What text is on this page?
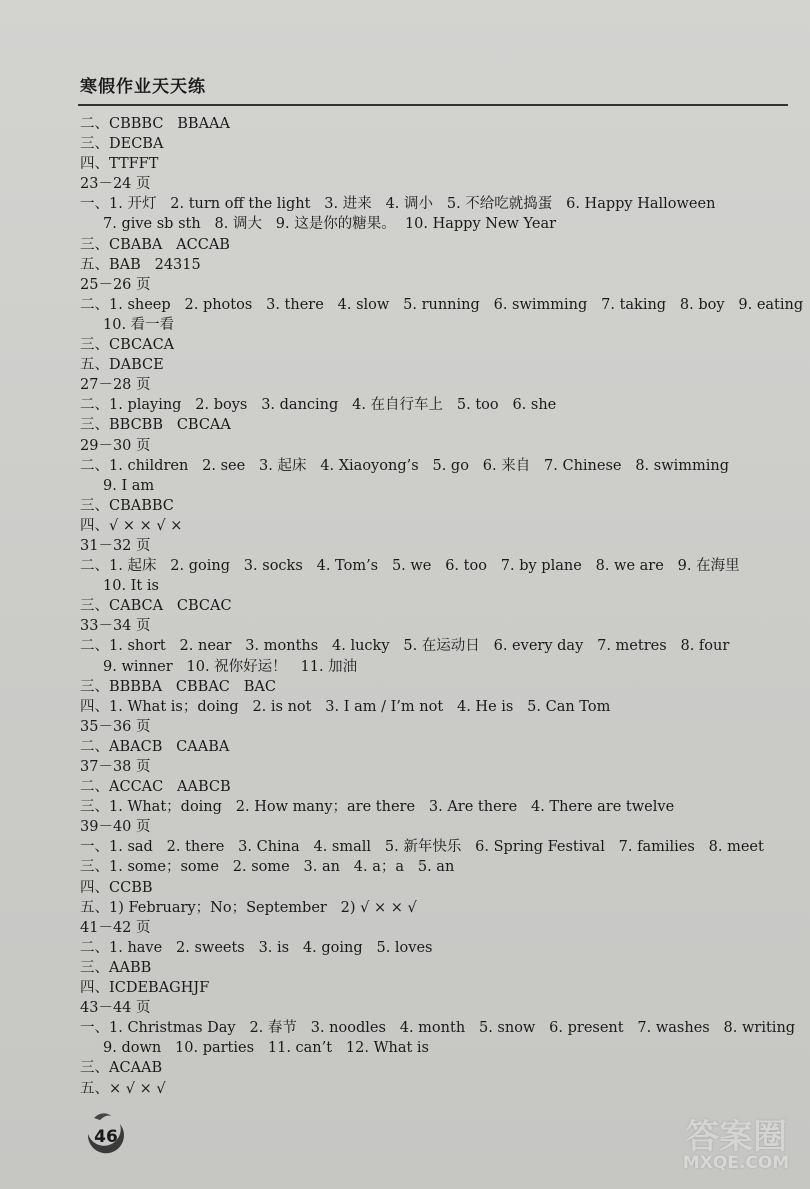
寒假作业天天练
二、CBBBC   BBAAA
三、DECBA
四、TTFFT
23－24 页
一、1. 开灯   2. turn off the light   3. 进来   4. 调小   5. 不给吃就捣蛋   6. Happy Halloween
7. give sb sth   8. 调大   9. 这是你的糖果。  10. Happy New Year
三、CBABA   ACCAB
五、BAB   24315
25－26 页
二、1. sheep   2. photos   3. there   4. slow   5. running   6. swimming   7. taking   8. boy   9. eating
10. 看一看
三、CBCACA
五、DABCE
27－28 页
二、1. playing   2. boys   3. dancing   4. 在自行车上   5. too   6. she
三、BBCBB   CBCAA
29－30 页
二、1. children   2. see   3. 起床   4. Xiaoyong’s   5. go   6. 来自   7. Chinese   8. swimming
9. I am
三、CBABBC
四、√ × × √ ×
31－32 页
二、1. 起床   2. going   3. socks   4. Tom’s   5. we   6. too   7. by plane   8. we are   9. 在海里
10. It is
三、CABCA   CBCAC
33－34 页
二、1. short   2. near   3. months   4. lucky   5. 在运动日   6. every day   7. metres   8. four
9. winner   10. 祝你好运！   11. 加油
三、BBBBA   CBBAC   BAC
四、1. What is；doing   2. is not   3. I am / I’m not   4. He is   5. Can Tom
35－36 页
二、ABACB   CAABA
37－38 页
二、ACCAC   AABCB
三、1. What；doing   2. How many；are there   3. Are there   4. There are twelve
39－40 页
一、1. sad   2. there   3. China   4. small   5. 新年快乐   6. Spring Festival   7. families   8. meet
三、1. some；some   2. some   3. an   4. a；a   5. an
四、CCBB
五、1) February；No；September   2) √ × × √
41－42 页
二、1. have   2. sweets   3. is   4. going   5. loves
三、AABB
四、ICDEBAGHJF
43－44 页
一、1. Christmas Day   2. 春节   3. noodles   4. month   5. snow   6. present   7. washes   8. writing
9. down   10. parties   11. can’t   12. What is
三、ACAAB
五、× √ × √
46	答案圈
MXQE.COM
